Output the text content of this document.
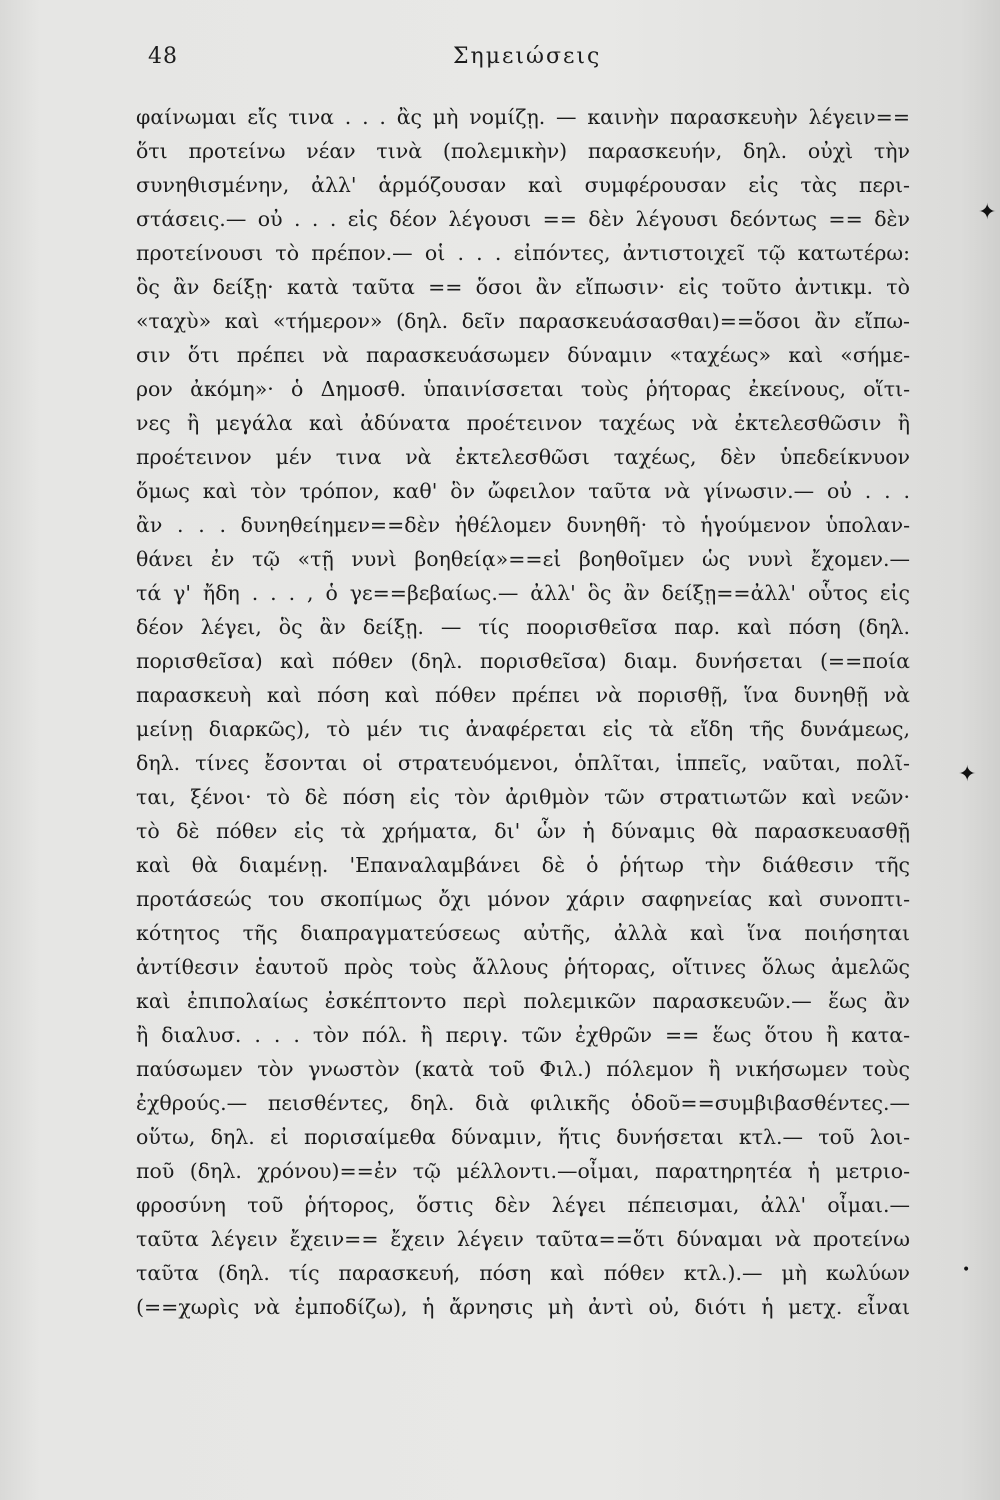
48	Σημειώσεις
φαίνωμαι εἴς τινα . . . ἂς μὴ νομίζῃ. — καινὴν παρασκευὴν λέγειν==
ὅτι προτείνω νέαν τινὰ (πολεμικὴν) παρασκευήν, δηλ. οὐχὶ τὴν
συνηθισμένην, ἀλλ' ἁρμόζουσαν καὶ συμφέρουσαν εἰς τὰς περι-
στάσεις.— οὐ . . . εἰς δέον λέγουσι == δὲν λέγουσι δεόντως == δὲν
προτείνουσι τὸ πρέπον.— οἱ . . . εἰπόντες, ἀντιστοιχεῖ τῷ κατωτέρω:
ὃς ἂν δείξῃ· κατὰ ταῦτα == ὅσοι ἂν εἴπωσιν· εἰς τοῦτο ἀντικμ. τὸ
«ταχὺ» καὶ «τήμερον» (δηλ. δεῖν παρασκευάσασθαι)==ὅσοι ἂν εἴπω-
σιν ὅτι πρέπει νὰ παρασκευάσωμεν δύναμιν «ταχέως» καὶ «σήμε-
ρον ἀκόμη»· ὁ Δημοσθ. ὑπαινίσσεται τοὺς ῥήτορας ἐκείνους, οἵτι-
νες ἢ μεγάλα καὶ ἀδύνατα προέτεινον ταχέως νὰ ἐκτελεσθῶσιν ἢ
προέτεινον μέν τινα νὰ ἐκτελεσθῶσι ταχέως, δὲν ὑπεδείκνυον
ὅμως καὶ τὸν τρόπον, καθ' ὃν ὤφειλον ταῦτα νὰ γίνωσιν.— οὐ . . .
ἂν . . . δυνηθείημεν==δὲν ἠθέλομεν δυνηθῆ· τὸ ἡγούμενον ὑπολαν-
θάνει ἐν τῷ «τῇ νυνὶ βοηθείᾳ»==εἰ βοηθοῖμεν ὡς νυνὶ ἔχομεν.—
τά γ' ἤδη . . . , ὁ γε==βεβαίως.— ἀλλ' ὃς ἂν δείξῃ==ἀλλ' οὗτος εἰς
δέον λέγει, ὃς ἂν δείξῃ. — τίς ποορισθεῖσα παρ. καὶ πόση (δηλ.
πορισθεῖσα) καὶ πόθεν (δηλ. πορισθεῖσα) διαμ. δυνήσεται (==ποία
παρασκευὴ καὶ πόση καὶ πόθεν πρέπει νὰ πορισθῇ, ἵνα δυνηθῇ νὰ
μείνῃ διαρκῶς), τὸ μέν τις ἀναφέρεται εἰς τὰ εἴδη τῆς δυνάμεως,
δηλ. τίνες ἔσονται οἱ στρατευόμενοι, ὁπλῖται, ἱππεῖς, ναῦται, πολῖ-
ται, ξένοι· τὸ δὲ πόση εἰς τὸν ἀριθμὸν τῶν στρατιωτῶν καὶ νεῶν·
τὸ δὲ πόθεν εἰς τὰ χρήματα, δι' ὧν ἡ δύναμις θὰ παρασκευασθῇ
καὶ θὰ διαμένῃ. 'Επαναλαμβάνει δὲ ὁ ῥήτωρ τὴν διάθεσιν τῆς
προτάσεώς του σκοπίμως ὄχι μόνον χάριν σαφηνείας καὶ συνοπτι-
κότητος τῆς διαπραγματεύσεως αὐτῆς, ἀλλὰ καὶ ἵνα ποιήσηται
ἀντίθεσιν ἑαυτοῦ πρὸς τοὺς ἄλλους ῥήτορας, οἵτινες ὅλως ἀμελῶς
καὶ ἐπιπολαίως ἐσκέπτοντο περὶ πολεμικῶν παρασκευῶν.— ἕως ἂν
ἢ διαλυσ. . . . τὸν πόλ. ἢ περιγ. τῶν ἐχθρῶν == ἕως ὅτου ἢ κατα-
παύσωμεν τὸν γνωστὸν (κατὰ τοῦ Φιλ.) πόλεμον ἢ νικήσωμεν τοὺς
ἐχθρούς.— πεισθέντες, δηλ. διὰ φιλικῆς ὁδοῦ==συμβιβασθέντες.—
οὕτω, δηλ. εἰ πορισαίμεθα δύναμιν, ἥτις δυνήσεται κτλ.— τοῦ λοι-
ποῦ (δηλ. χρόνου)==ἐν τῷ μέλλοντι.—οἶμαι, παρατηρητέα ἡ μετριο-
φροσύνη τοῦ ῥήτορος, ὅστις δὲν λέγει πέπεισμαι, ἀλλ' οἶμαι.—
ταῦτα λέγειν ἔχειν== ἔχειν λέγειν ταῦτα==ὅτι δύναμαι νὰ προτείνω
ταῦτα (δηλ. τίς παρασκευή, πόση καὶ πόθεν κτλ.).— μὴ κωλύων
(==χωρὶς νὰ ἐμποδίζω), ἡ ἄρνησις μὴ ἀντὶ οὐ, διότι ἡ μετχ. εἶναι
✦
✦
•
